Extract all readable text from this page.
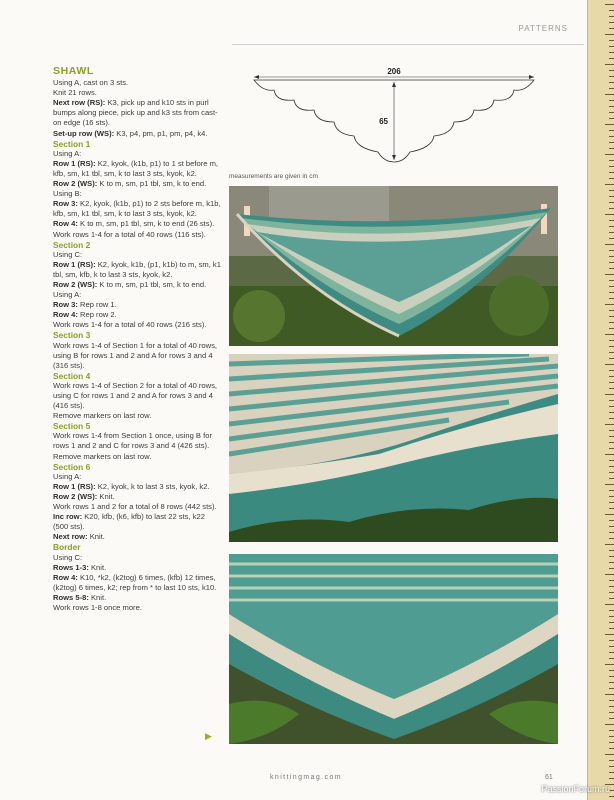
PATTERNS

SHAWL

Using A, cast on 3 sts.

Knit 21 rows.

Next row (RS): K3, pick up and k10 sts in purl bumps along piece, pick up and k3 sts from cast-on edge (16 sts).

Set-up row (WS): K3, p4, pm, p1, pm, p4, k4.

Section 1

Using A:

Row 1 (RS): K2, kyok, (k1b, p1) to 1 st before m, kfb, sm, k1 tbl, sm, k to last 3 sts, kyok, k2.

Row 2 (WS): K to m, sm, p1 tbl, sm, k to end.

Using B:

Row 3: K2, kyok, (k1b, p1) to 2 sts before m, k1b, kfb, sm, k1 tbl, sm, k to last 3 sts, kyok, k2.

Row 4: K to m, sm, p1 tbl, sm, k to end (26 sts).

Work rows 1-4 for a total of 40 rows (116 sts).

Section 2

Using C:

Row 1 (RS): K2, kyok, k1b, (p1, k1b) to m, sm, k1 tbl, sm, kfb, k to last 3 sts, kyok, k2.

Row 2 (WS): K to m, sm, p1 tbl, sm, k to end.

Using A:

Row 3: Rep row 1.

Row 4: Rep row 2.

Work rows 1-4 for a total of 40 rows (216 sts).

Section 3

Work rows 1-4 of Section 1 for a total of 40 rows, using B for rows 1 and 2 and A for rows 3 and 4 (316 sts).

Section 4

Work rows 1-4 of Section 2 for a total of 40 rows, using C for rows 1 and 2 and A for rows 3 and 4 (416 sts).

Remove markers on last row.

Section 5

Work rows 1-4 from Section 1 once, using B for rows 1 and 2 and C for rows 3 and 4 (426 sts).

Remove markers on last row.

Section 6

Using A:

Row 1 (RS): K2, kyok, k to last 3 sts, kyok, k2.

Row 2 (WS): Knit.

Work rows 1 and 2 for a total of 8 rows (442 sts).

Inc row: K20, kfb, (k6, kfb) to last 22 sts, k22 (500 sts).

Next row: Knit.

Border

Using C:

Rows 1-3: Knit.

Row 4: K10, *k2, (k2tog) 6 times, (kfb) 12 times, (k2tog) 6 times, k2; rep from * to last 10 sts, k10.

Rows 5-8: Knit.

Work rows 1-8 once more.

▶
206
65
measurements are given in cm
knittingmag.com	61
PassionForum.ru
